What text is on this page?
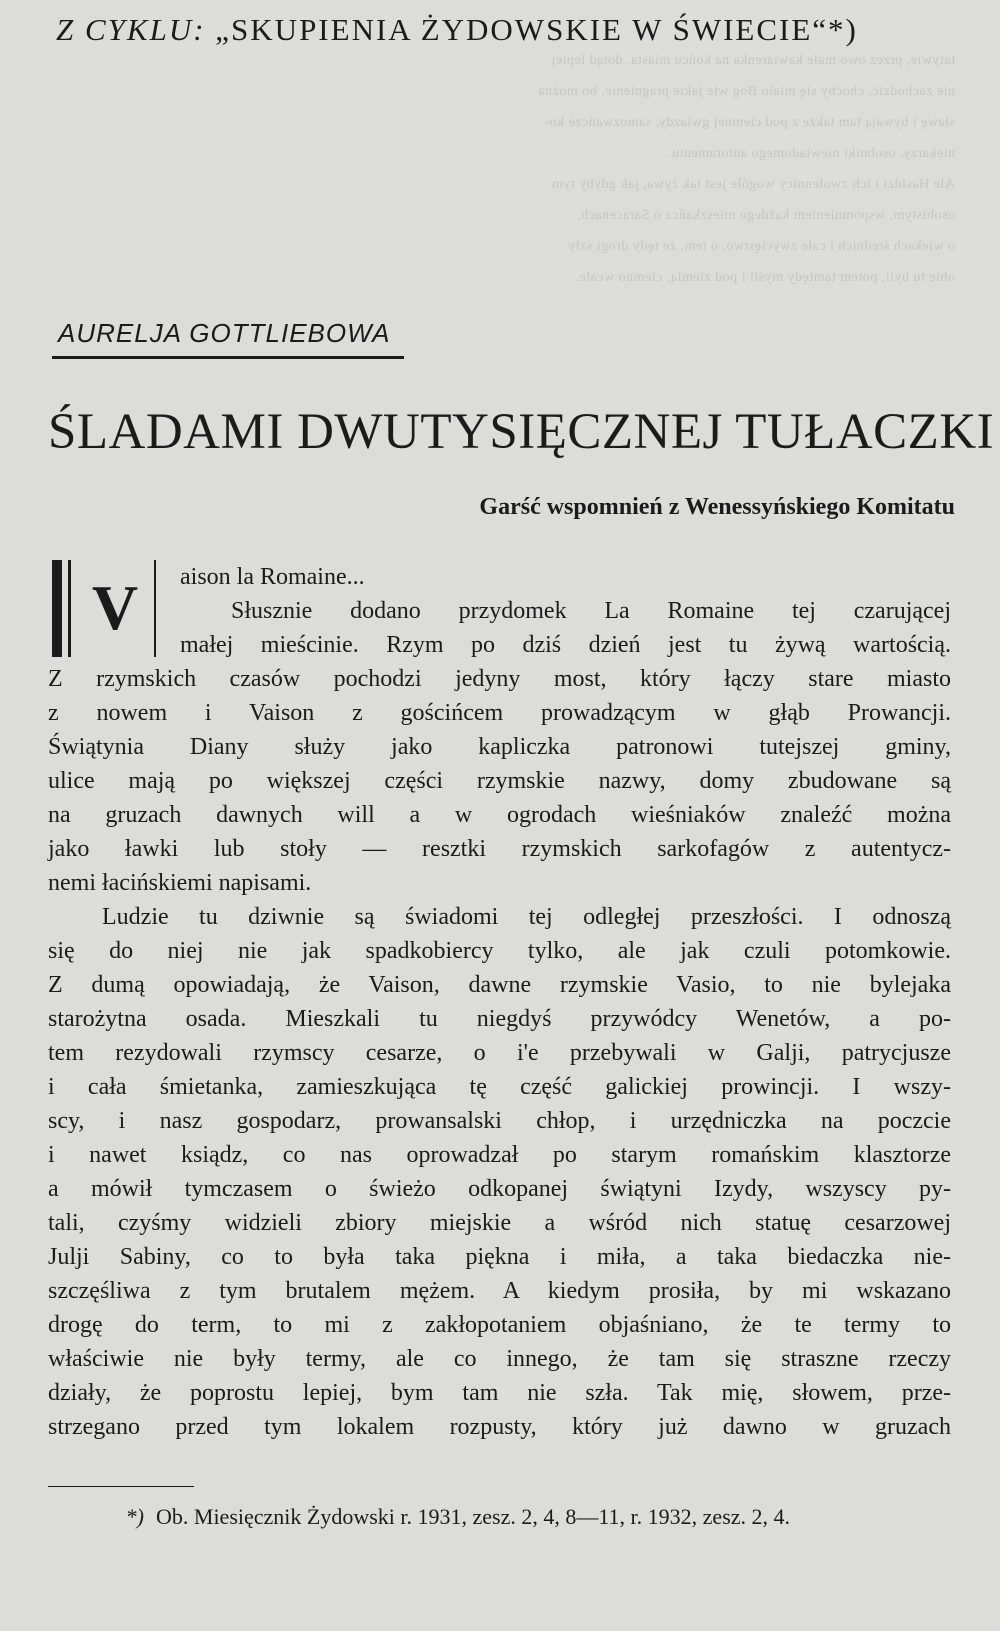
tatywie, przez owo małe kawiarenka na końcu miasta, dotąd lepiej
nie zachodzić, choćby się miało Bog wie jakie pragnienie, bo można
sławę i bywają tam także z pod ciemnej gwiazdy, samozwańcze ko-
niekarzy, osobniki niewiadomego autoramentu.
Ale Hasidzi i ich zwolennicy wogóle jest tak żywa, jak gdyby tym
osobistym, wspomnieniem każdego mieszkańca o Saracenach,
o wiekach średnich i całe zwycięstwo, o tem, że tędy drogi szły
obie tu byli, potem tamtędy myśli i pod ziemią, ciemno wcale.
Z CYKLU: „SKUPIENIA ŻYDOWSKIE W ŚWIECIE“*)
AURELJA GOTTLIEBOWA
ŚLADAMI DWUTYSIĘCZNEJ TUŁACZKI
Garść wspomnień z Wenessyńskiego Komitatu
V	aison la Romaine...
Słusznie dodano przydomek La Romaine tej czarującej
małej mieścinie. Rzym po dziś dzień jest tu żywą wartością.
Z rzymskich czasów pochodzi jedyny most, który łączy stare miasto
z nowem i Vaison z gościńcem prowadzącym w głąb Prowancji.
Świątynia Diany służy jako kapliczka patronowi tutejszej gminy,
ulice mają po większej części rzymskie nazwy, domy zbudowane są
na gruzach dawnych will a w ogrodach wieśniaków znaleźć można
jako ławki lub stoły — resztki rzymskich sarkofagów z autentycz-
nemi łacińskiemi napisami.
Ludzie tu dziwnie są świadomi tej odległej przeszłości. I odnoszą
się do niej nie jak spadkobiercy tylko, ale jak czuli potomkowie.
Z dumą opowiadają, że Vaison, dawne rzymskie Vasio, to nie bylejaka
starożytna osada. Mieszkali tu niegdyś przywódcy Wenetów, a po-
tem rezydowali rzymscy cesarze, o i'e przebywali w Galji, patrycjusze
i cała śmietanka, zamieszkująca tę część galickiej prowincji. I wszy-
scy, i nasz gospodarz, prowansalski chłop, i urzędniczka na poczcie
i nawet ksiądz, co nas oprowadzał po starym romańskim klasztorze
a mówił tymczasem o świeżo odkopanej świątyni Izydy, wszyscy py-
tali, czyśmy widzieli zbiory miejskie a wśród nich statuę cesarzowej
Julji Sabiny, co to była taka piękna i miła, a taka biedaczka nie-
szczęśliwa z tym brutalem mężem. A kiedym prosiła, by mi wskazano
drogę do term, to mi z zakłopotaniem objaśniano, że te termy to
właściwie nie były termy, ale co innego, że tam się straszne rzeczy
działy, że poprostu lepiej, bym tam nie szła. Tak mię, słowem, prze-
strzegano przed tym lokalem rozpusty, który już dawno w gruzach
*) Ob. Miesięcznik Żydowski r. 1931, zesz. 2, 4, 8—11, r. 1932, zesz. 2, 4.
